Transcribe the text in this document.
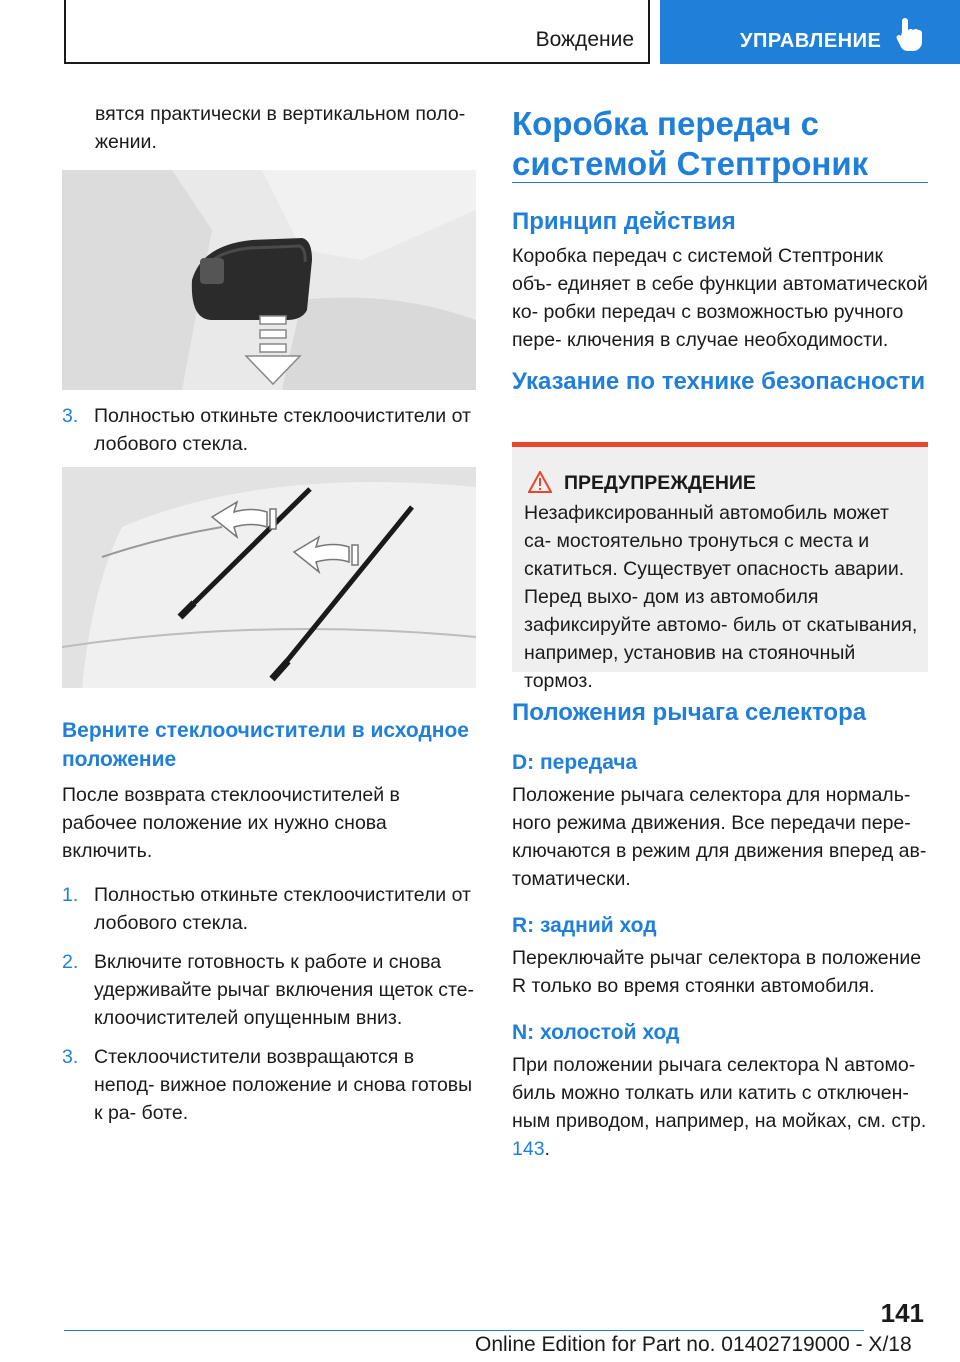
Вождение	УПРАВЛЕНИЕ

вятся практически в вертикальном поло- жении.

3. Полностью откиньте стеклоочистители от лобового стекла.

Верните стеклоочистители в исходное положение

После возврата стеклоочистителей в рабочее положение их нужно снова включить.

1. Полностью откиньте стеклоочистители от лобового стекла.

2. Включите готовность к работе и снова удерживайте рычаг включения щеток сте- клоочистителей опущенным вниз.

3. Стеклоочистители возвращаются в непод- вижное положение и снова готовы к ра- боте.

Коробка передач с системой Стептроник

Принцип действия

Коробка передач с системой Стептроник объ- единяет в себе функции автоматической ко- робки передач с возможностью ручного пере- ключения в случае необходимости.

Указание по технике безопасности

ПРЕДУПРЕЖДЕНИЕ

Незафиксированный автомобиль может са- мостоятельно тронуться с места и скатиться. Существует опасность аварии. Перед выхо- дом из автомобиля зафиксируйте автомо- биль от скатывания, например, установив на стояночный тормоз.

Положения рычага селектора

D: передача

Положение рычага селектора для нормаль- ного режима движения. Все передачи пере- ключаются в режим для движения вперед ав- томатически.

R: задний ход

Переключайте рычаг селектора в положение R только во время стоянки автомобиля.

N: холостой ход

При положении рычага селектора N автомо- биль можно толкать или катить с отключен- ным приводом, например, на мойках, см. стр. 143.

141
Online Edition for Part no. 01402719000 - X/18
